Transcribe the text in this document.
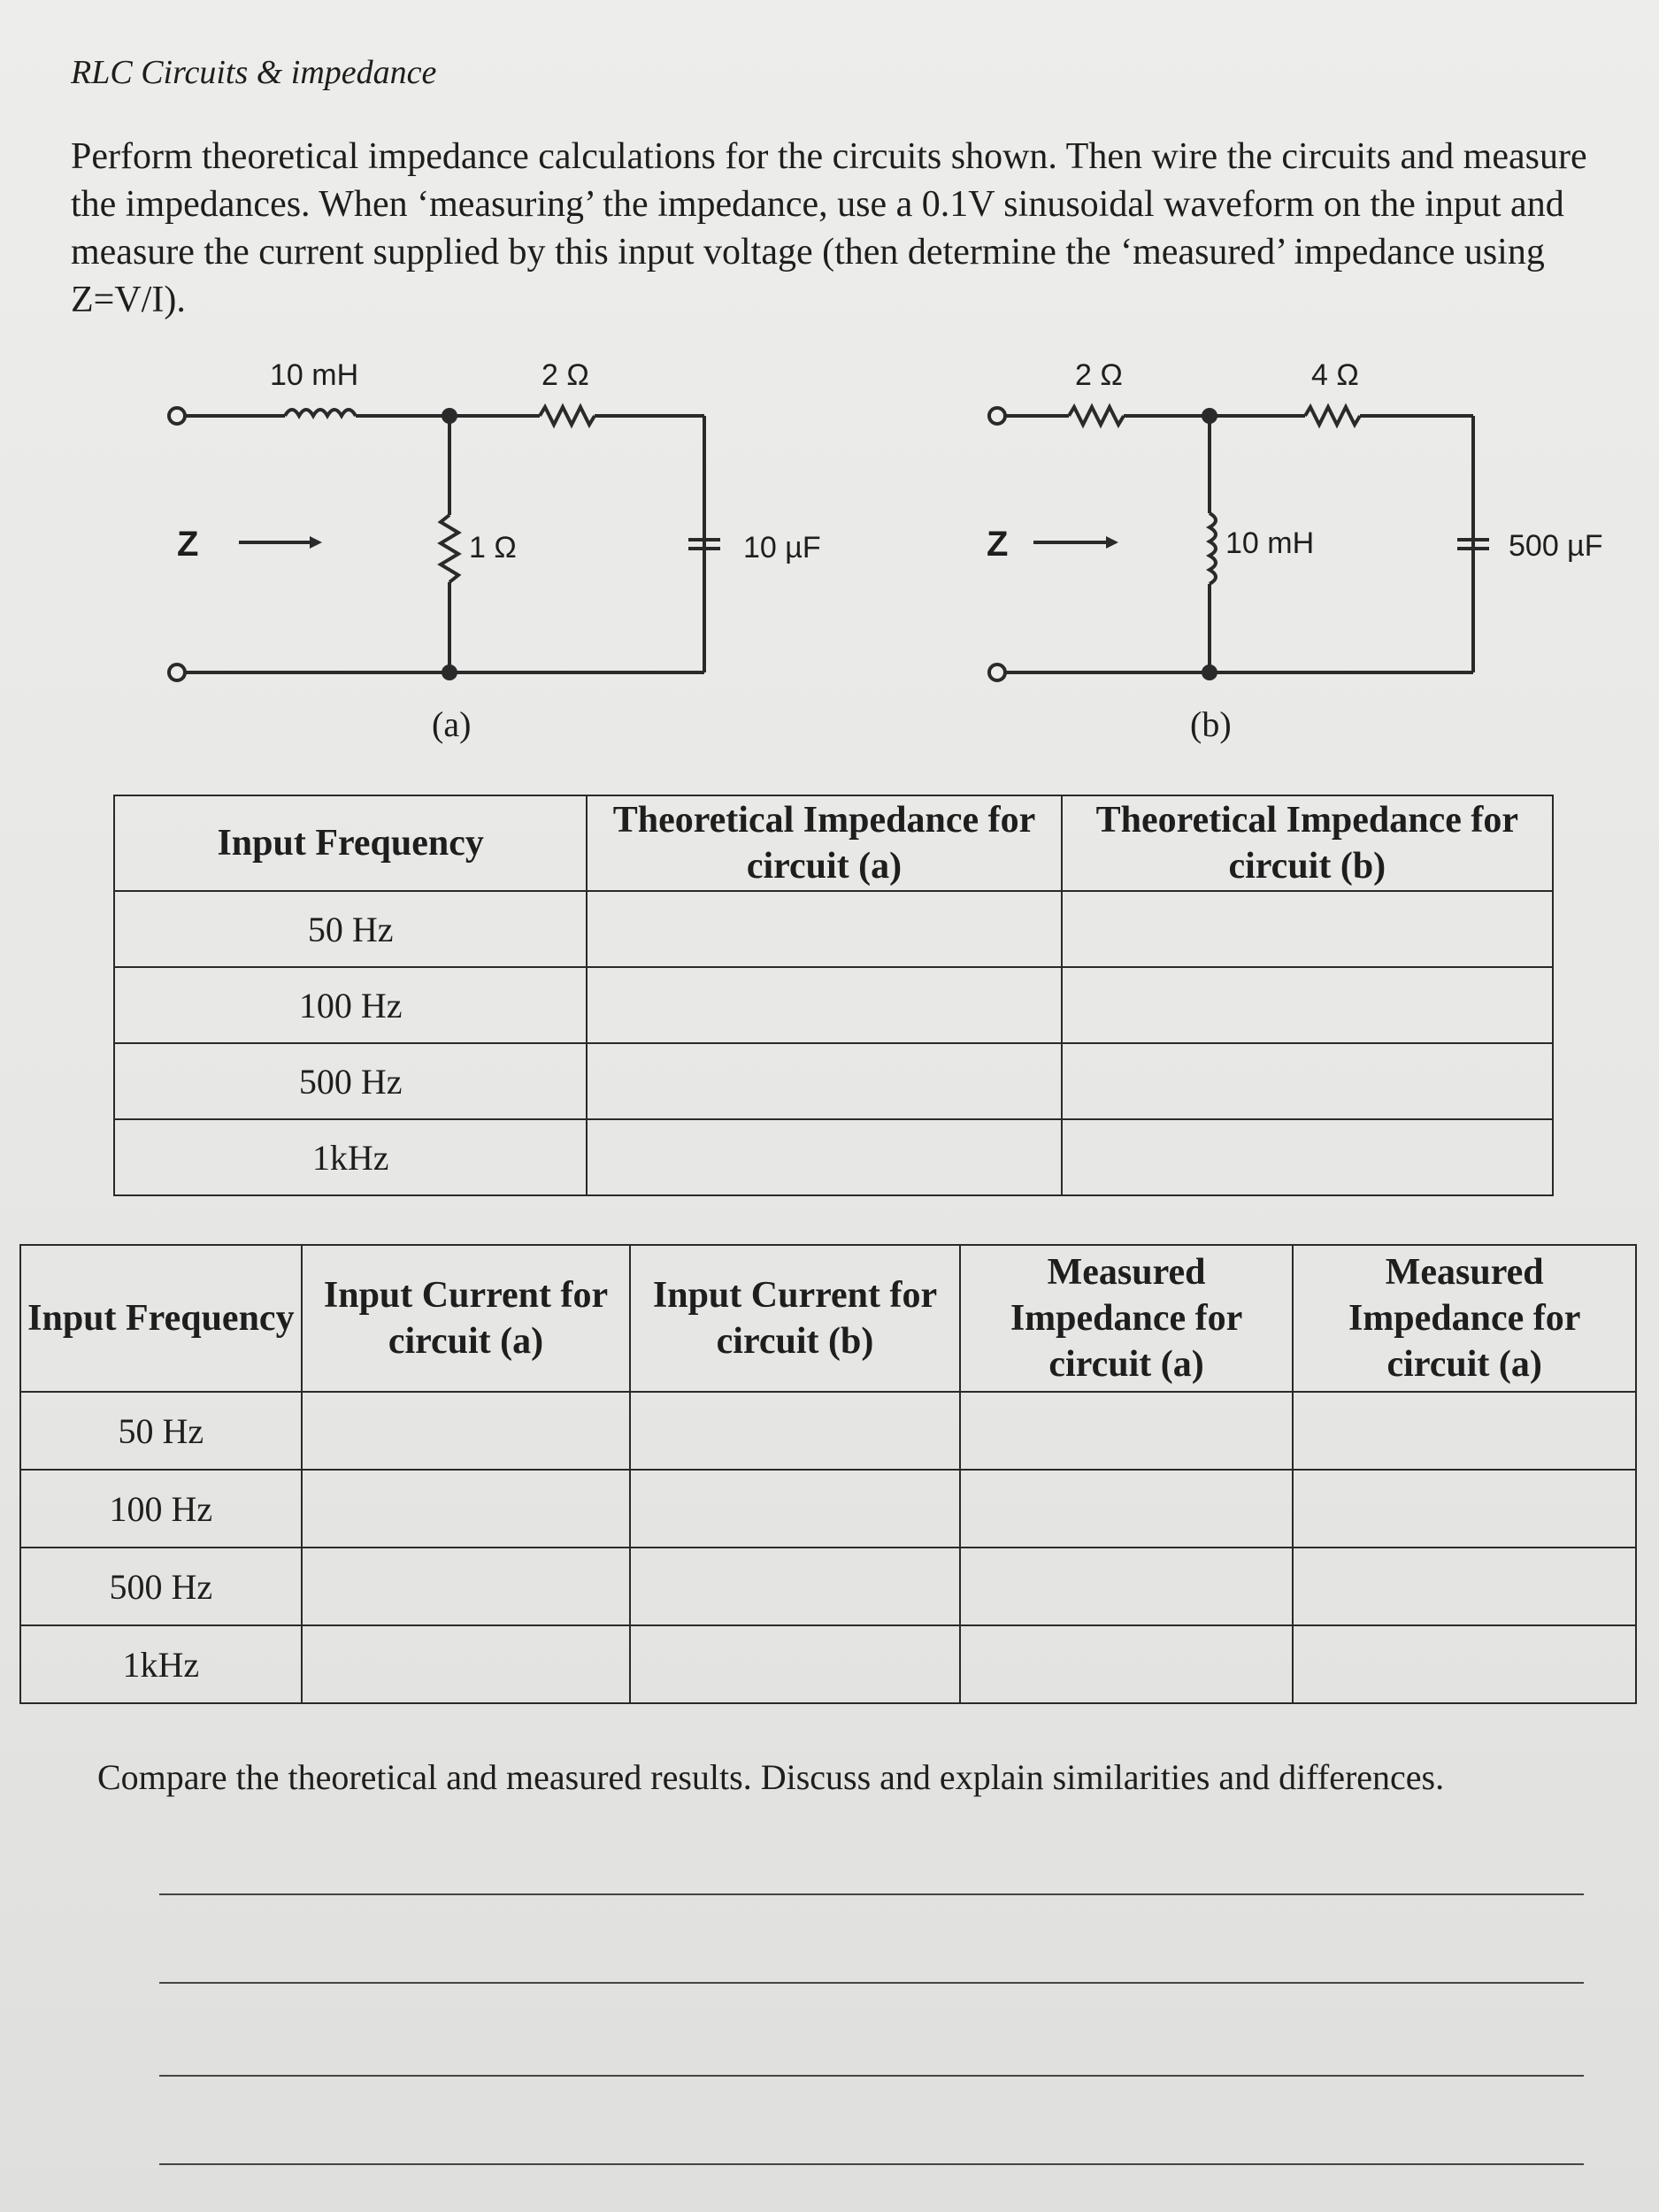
RLC Circuits & impedance
Perform theoretical impedance calculations for the circuits shown. Then wire the circuits and measure the impedances. When ‘measuring’ the impedance, use a 0.1V sinusoidal waveform on the input and measure the current supplied by this input voltage (then determine the ‘measured’ impedance using Z=V/I).
10 mH	2 Ω
1 Ω	10 µF
Z
2 Ω	4 Ω
10 mH	500 µF
Z
(a)	(b)
Input Frequency	Theoretical Impedance for circuit (a)	Theoretical Impedance for circuit (b)
50 Hz		
100 Hz		
500 Hz		
1kHz		
Input Frequency	Input Current for circuit (a)	Input Current for circuit (b)	Measured Impedance for circuit (a)	Measured Impedance for circuit (a)
50 Hz				
100 Hz				
500 Hz				
1kHz				
Compare the theoretical and measured results. Discuss and explain similarities and differences.
